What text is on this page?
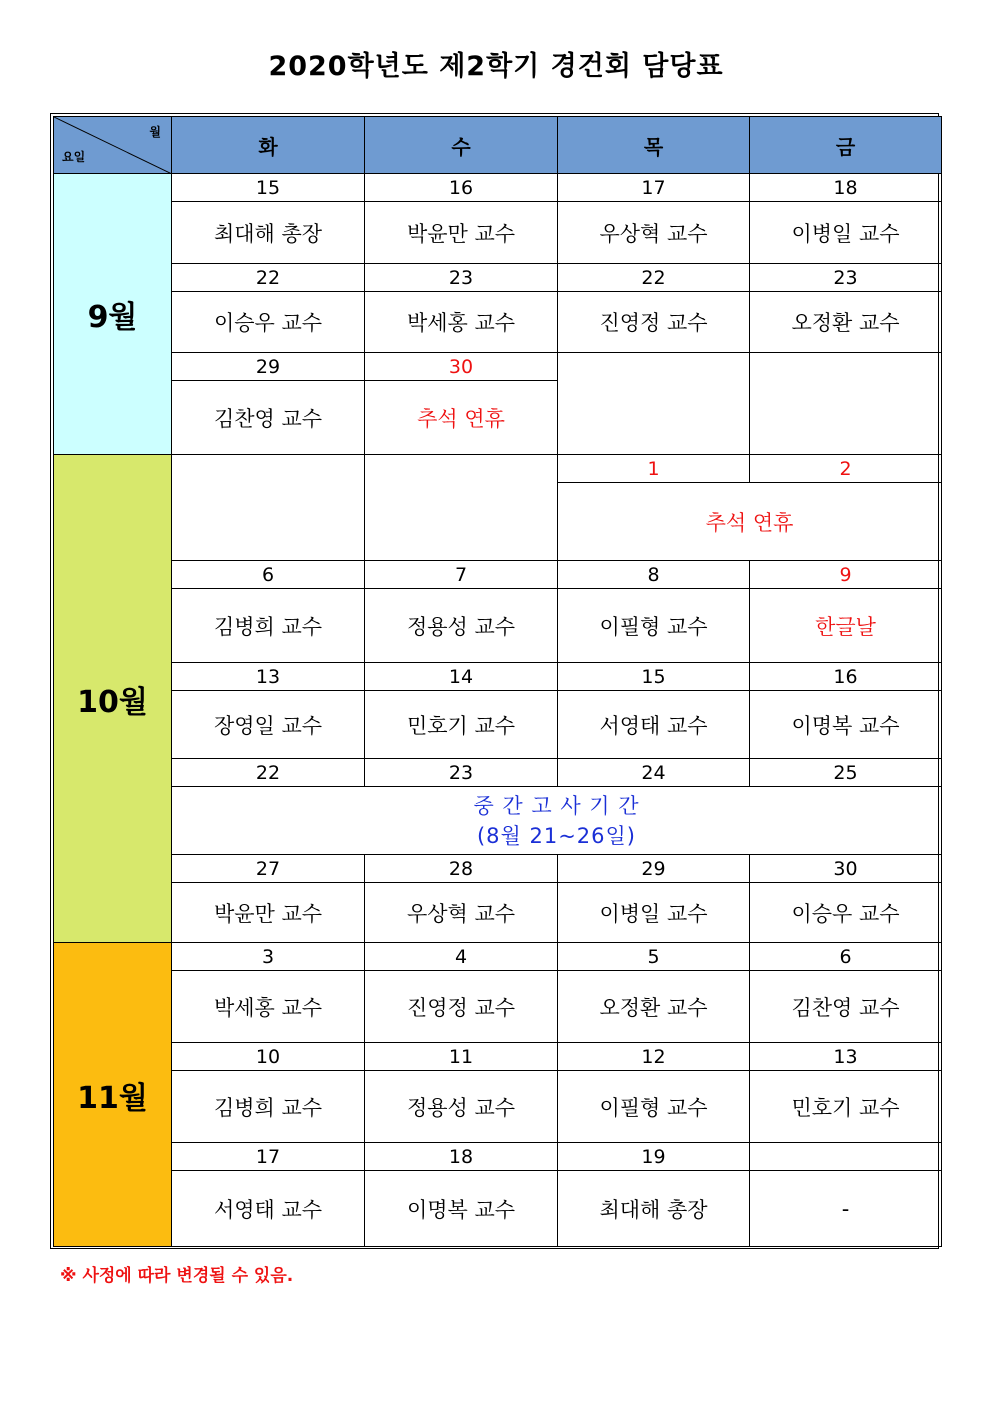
2020학년도 제2학기 경건회 담당표
월
요일	화	수	목	금
9월	15	16	17	18
	최대해 총장	박윤만 교수	우상혁 교수	이병일 교수
	22	23	22	23
	이승우 교수	박세홍 교수	진영정 교수	오정환 교수
	29	30		
	김찬영 교수	추석 연휴		
10월			1	2
			추석 연휴	
	6	7	8	9
	김병희 교수	정용성 교수	이필형 교수	한글날
	13	14	15	16
	장영일 교수	민호기 교수	서영태 교수	이명복 교수
	22	23	24	25

	중 간 고 사 기 간
(8월 21~26일)			

	27	28	29	30
	박윤만 교수	우상혁 교수	이병일 교수	이승우 교수
11월	3	4	5	6
	박세홍 교수	진영정 교수	오정환 교수	김찬영 교수
	10	11	12	13
	김병희 교수	정용성 교수	이필형 교수	민호기 교수
	17	18	19	
	서영태 교수	이명복 교수	최대해 총장	-
※ 사정에 따라 변경될 수 있음.
